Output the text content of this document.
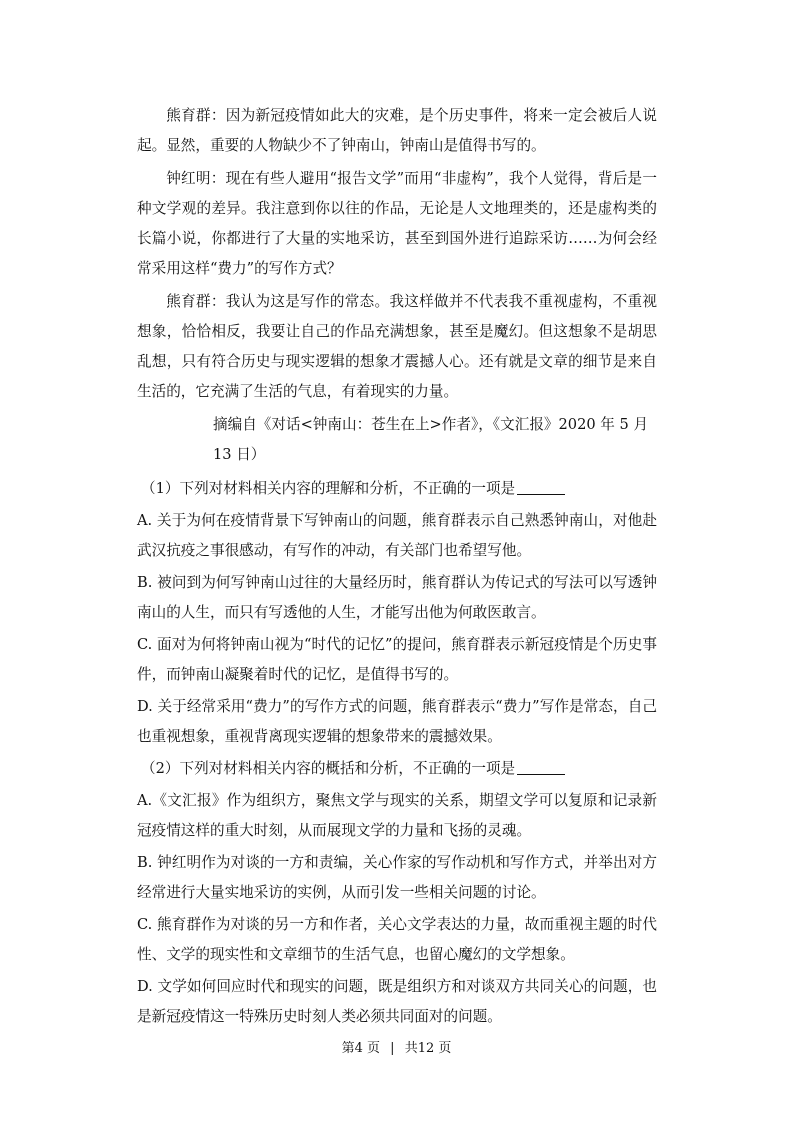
熊育群：因为新冠疫情如此大的灾难，是个历史事件，将来一定会被后人说起。显然，重要的人物缺少不了钟南山，钟南山是值得书写的。

钟红明：现在有些人避用“报告文学”而用“非虚构”，我个人觉得，背后是一种文学观的差异。我注意到你以往的作品，无论是人文地理类的，还是虚构类的长篇小说，你都进行了大量的实地采访，甚至到国外进行追踪采访……为何会经常采用这样“费力”的写作方式？

熊育群：我认为这是写作的常态。我这样做并不代表我不重视虚构，不重视想象，恰恰相反，我要让自己的作品充满想象，甚至是魔幻。但这想象不是胡思乱想，只有符合历史与现实逻辑的想象才震撼人心。还有就是文章的细节是来自生活的，它充满了生活的气息，有着现实的力量。

摘编自《对话<钟南山：苍生在上>作者》，《文汇报》2020 年 5 月 13 日）

（1）下列对材料相关内容的理解和分析，不正确的一项是

A. 关于为何在疫情背景下写钟南山的问题，熊育群表示自己熟悉钟南山，对他赴武汉抗疫之事很感动，有写作的冲动，有关部门也希望写他。

B. 被问到为何写钟南山过往的大量经历时，熊育群认为传记式的写法可以写透钟南山的人生，而只有写透他的人生，才能写出他为何敢医敢言。

C. 面对为何将钟南山视为“时代的记忆”的提问，熊育群表示新冠疫情是个历史事件，而钟南山凝聚着时代的记忆，是值得书写的。

D. 关于经常采用“费力”的写作方式的问题，熊育群表示“费力”写作是常态，自己也重视想象，重视背离现实逻辑的想象带来的震撼效果。

（2）下列对材料相关内容的概括和分析，不正确的一项是

A.《文汇报》作为组织方，聚焦文学与现实的关系，期望文学可以复原和记录新冠疫情这样的重大时刻，从而展现文学的力量和飞扬的灵魂。

B. 钟红明作为对谈的一方和责编，关心作家的写作动机和写作方式，并举出对方经常进行大量实地采访的实例，从而引发一些相关问题的讨论。

C. 熊育群作为对谈的另一方和作者，关心文学表达的力量，故而重视主题的时代性、文学的现实性和文章细节的生活气息，也留心魔幻的文学想象。

D. 文学如何回应时代和现实的问题，既是组织方和对谈双方共同关心的问题，也是新冠疫情这一特殊历史时刻人类必须共同面对的问题。

第4 页 | 共12 页
